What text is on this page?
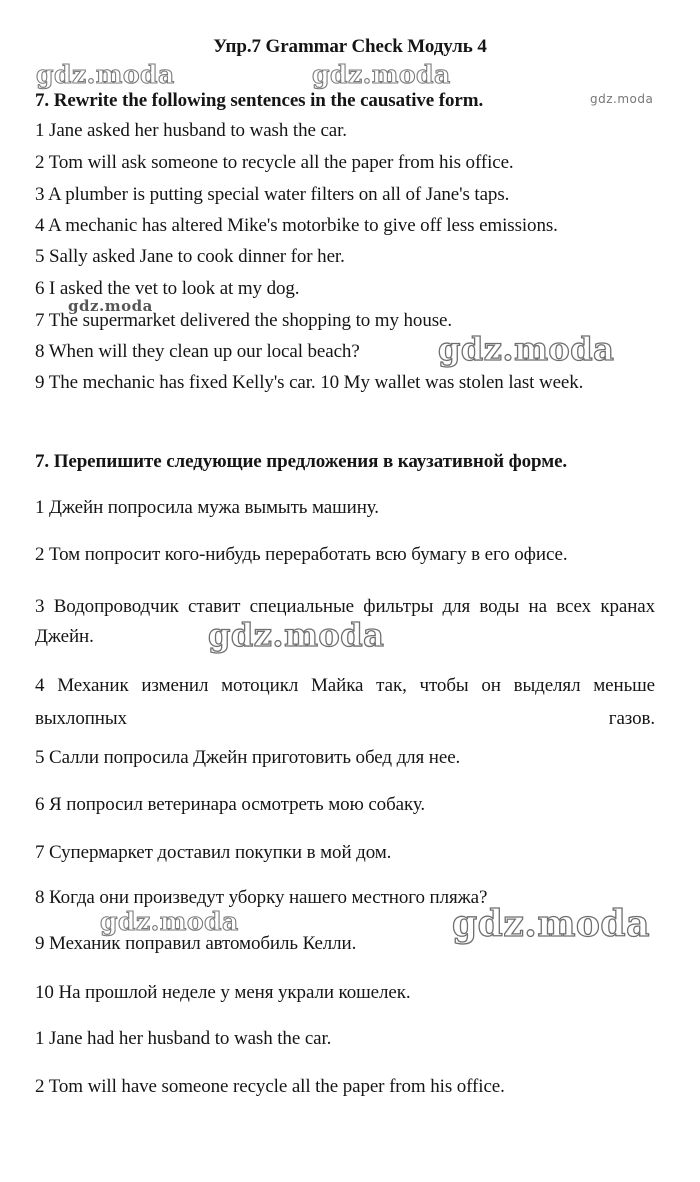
Упр.7 Grammar Check Модуль 4
7. Rewrite the following sentences in the causative form.
1 Jane asked her husband to wash the car.
2 Tom will ask someone to recycle all the paper from his office.
3 A plumber is putting special water filters on all of Jane's taps.
4 A mechanic has altered Mike's motorbike to give off less emissions.
5 Sally asked Jane to cook dinner for her.
6 I asked the vet to look at my dog.
7 The supermarket delivered the shopping to my house.
8 When will they clean up our local beach?
9 The mechanic has fixed Kelly's car. 10 My wallet was stolen last week.
7. Перепишите следующие предложения в каузативной форме.
1 Джейн попросила мужа вымыть машину.
2 Том попросит кого-нибудь переработать всю бумагу в его офисе.
3 Водопроводчик ставит специальные фильтры для воды на всех кранах Джейн.
4 Механик изменил мотоцикл Майка так, чтобы он выделял меньше выхлопных газов.
5 Салли попросила Джейн приготовить обед для нее.
6 Я попросил ветеринара осмотреть мою собаку.
7 Супермаркет доставил покупки в мой дом.
8 Когда они произведут уборку нашего местного пляжа?
9 Механик поправил автомобиль Келли.
10 На прошлой неделе у меня украли кошелек.
1 Jane had her husband to wash the car.
2 Tom will have someone recycle all the paper from his office.
gdz.moda	gdz.moda
gdz.moda
gdz.moda
gdz.moda
gdz.moda
gdz.moda	gdz.moda
